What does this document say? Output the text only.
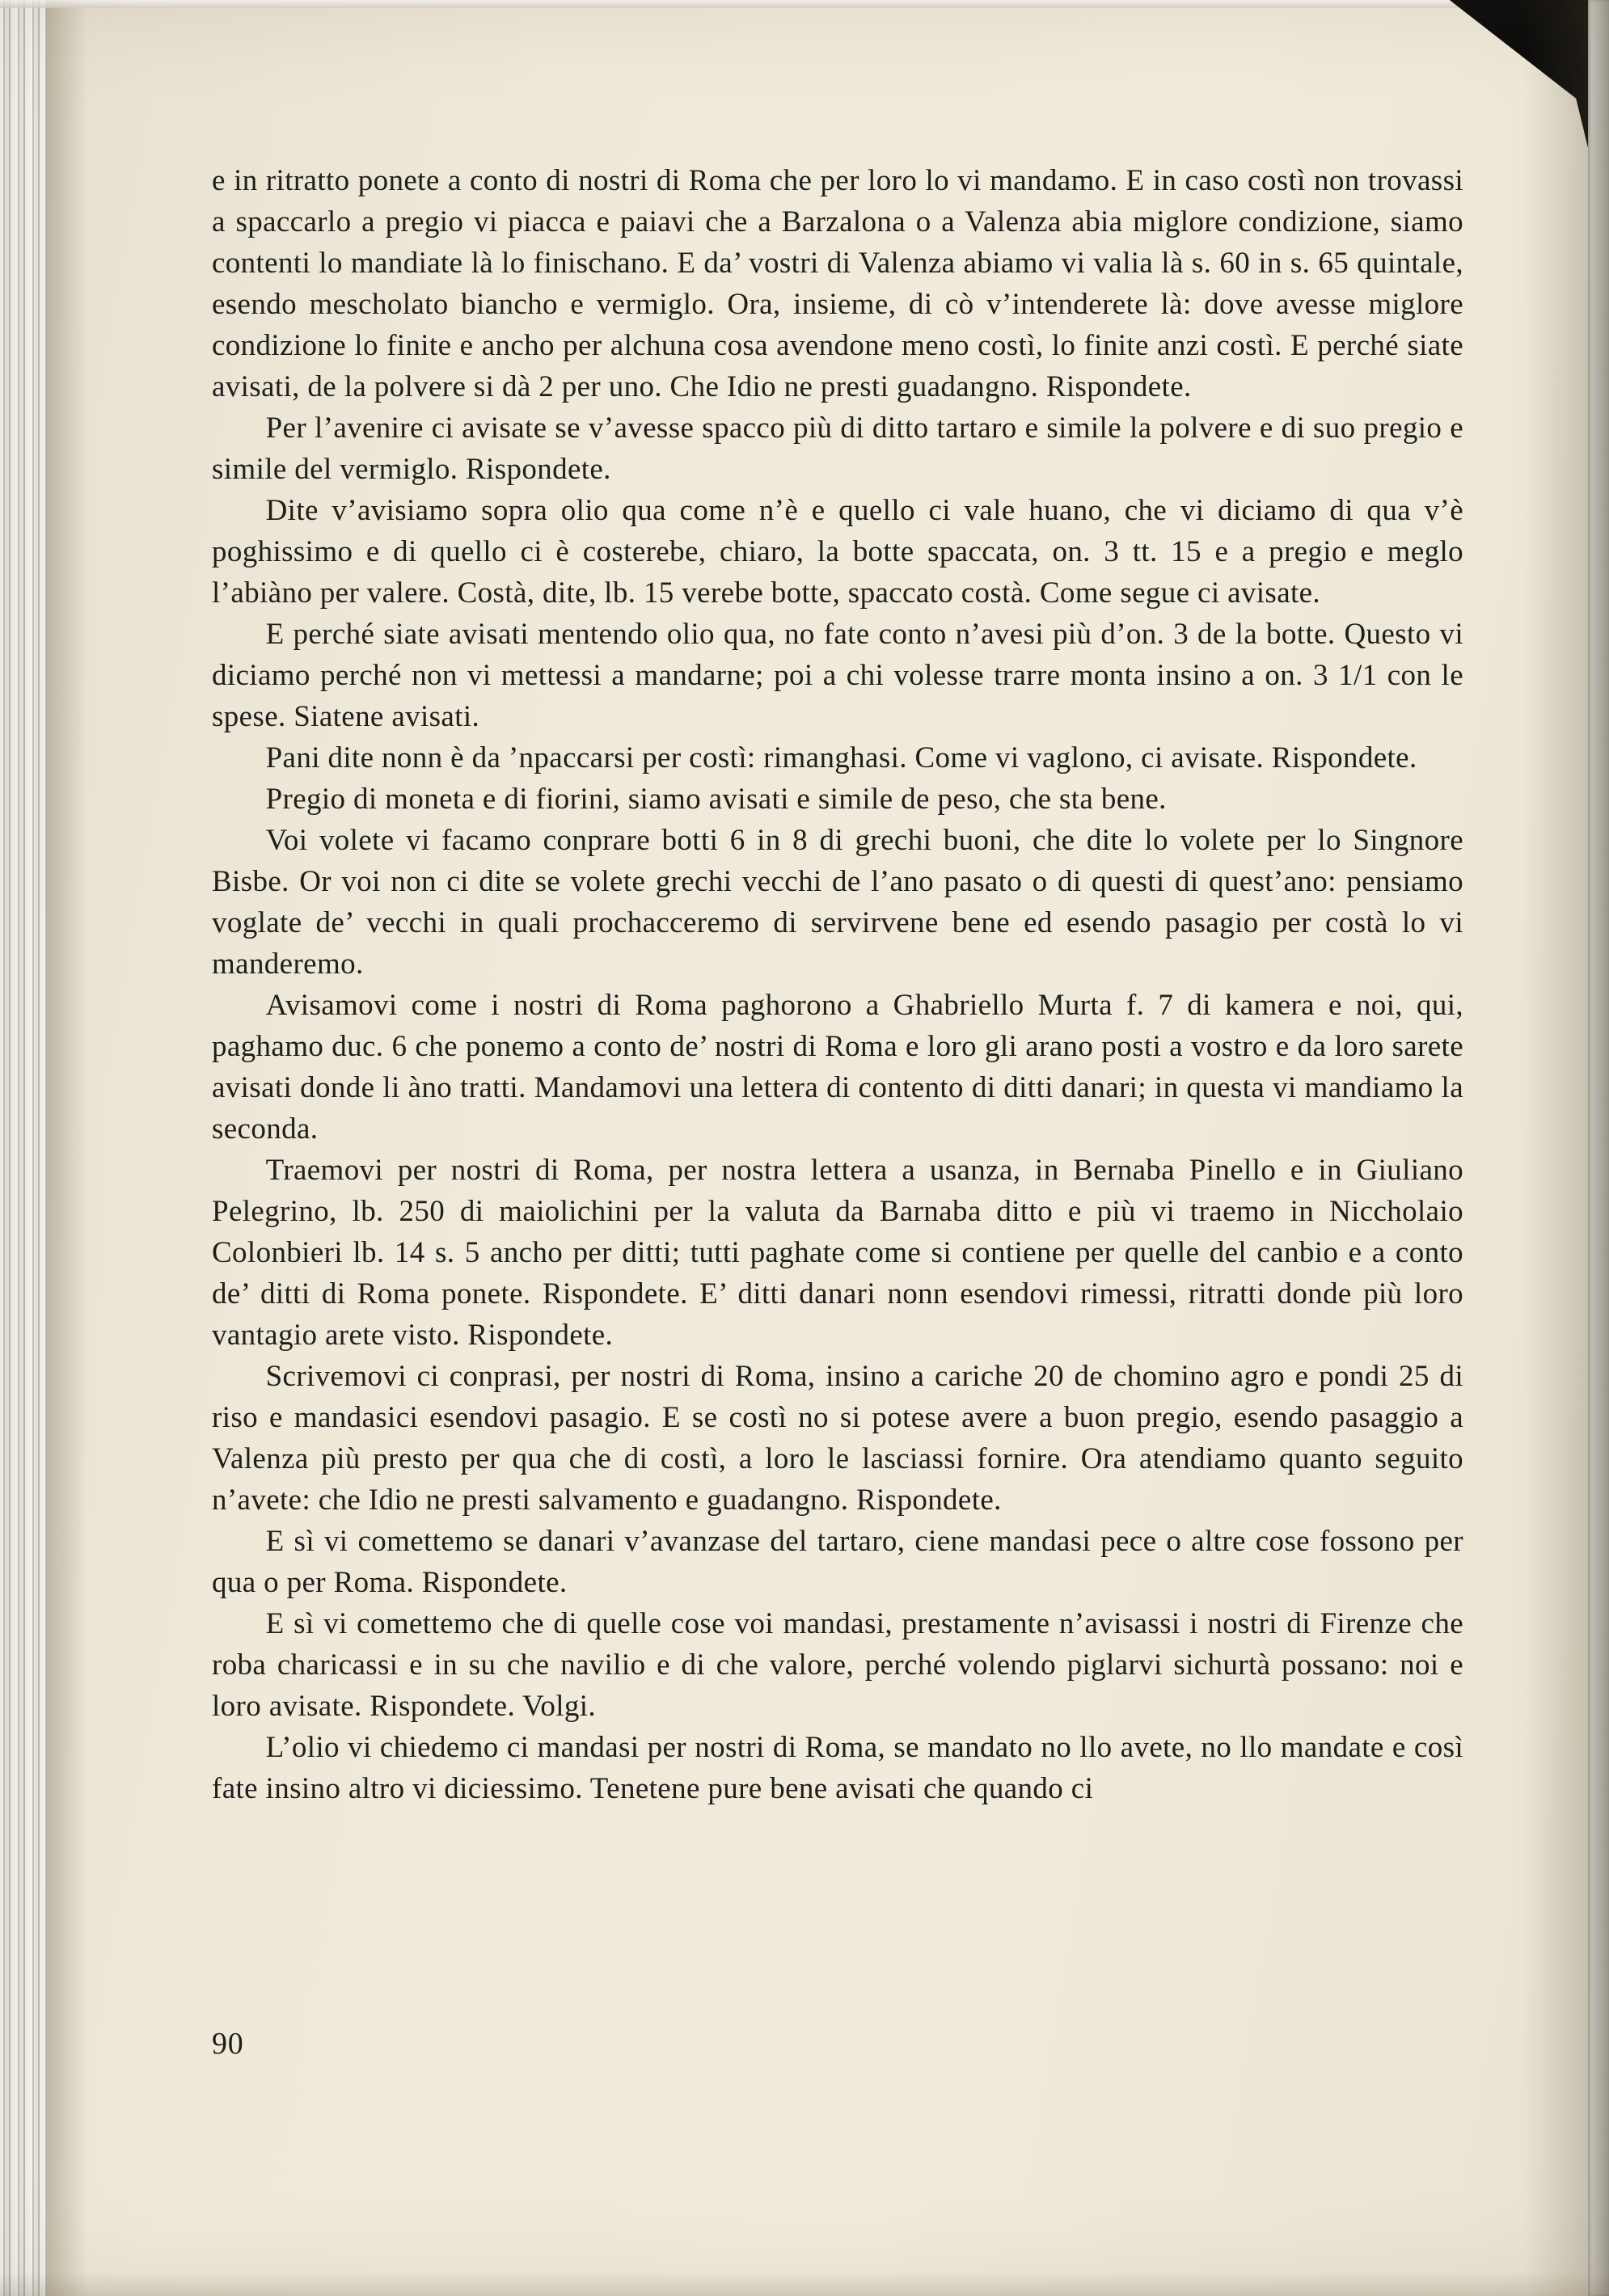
e in ritratto ponete a conto di nostri di Roma che per loro lo vi mandamo. E in caso costì non trovassi a spaccarlo a pregio vi piacca e paiavi che a Barzalona o a Valenza abia miglore condizione, siamo contenti lo mandiate là lo finischano. E da’ vostri di Valenza abiamo vi valia là s. 60 in s. 65 quintale, esendo mescholato biancho e vermiglo. Ora, insieme, di cò v’intenderete là: dove avesse miglore condizione lo finite e ancho per alchuna cosa avendone meno costì, lo finite anzi costì. E perché siate avisati, de la polvere si dà 2 per uno. Che Idio ne presti guadangno. Rispondete.

Per l’avenire ci avisate se v’avesse spacco più di ditto tartaro e simile la polvere e di suo pregio e simile del vermiglo. Rispondete.

Dite v’avisiamo sopra olio qua come n’è e quello ci vale huano, che vi diciamo di qua v’è poghissimo e di quello ci è costerebe, chiaro, la botte spaccata, on. 3 tt. 15 e a pregio e meglo l’abiàno per valere. Costà, dite, lb. 15 verebe botte, spaccato costà. Come segue ci avisate.

E perché siate avisati mentendo olio qua, no fate conto n’avesi più d’on. 3 de la botte. Questo vi diciamo perché non vi mettessi a mandarne; poi a chi volesse trarre monta insino a on. 3 1/1 con le spese. Siatene avisati.

Pani dite nonn è da ’npaccarsi per costì: rimanghasi. Come vi vaglono, ci avisate. Rispondete.

Pregio di moneta e di fiorini, siamo avisati e simile de peso, che sta bene.

Voi volete vi facamo conprare botti 6 in 8 di grechi buoni, che dite lo volete per lo Singnore Bisbe. Or voi non ci dite se volete grechi vecchi de l’ano pasato o di questi di quest’ano: pensiamo voglate de’ vecchi in quali prochacceremo di servirvene bene ed esendo pasagio per costà lo vi manderemo.

Avisamovi come i nostri di Roma paghorono a Ghabriello Murta f. 7 di kamera e noi, qui, paghamo duc. 6 che ponemo a conto de’ nostri di Roma e loro gli arano posti a vostro e da loro sarete avisati donde li àno tratti. Mandamovi una lettera di contento di ditti danari; in questa vi mandiamo la seconda.

Traemovi per nostri di Roma, per nostra lettera a usanza, in Bernaba Pinello e in Giuliano Pelegrino, lb. 250 di maiolichini per la valuta da Barnaba ditto e più vi traemo in Niccholaio Colonbieri lb. 14 s. 5 ancho per ditti; tutti paghate come si contiene per quelle del canbio e a conto de’ ditti di Roma ponete. Rispondete. E’ ditti danari nonn esendovi rimessi, ritratti donde più loro vantagio arete visto. Rispondete.

Scrivemovi ci conprasi, per nostri di Roma, insino a cariche 20 de chomino agro e pondi 25 di riso e mandasici esendovi pasagio. E se costì no si potese avere a buon pregio, esendo pasaggio a Valenza più presto per qua che di costì, a loro le lasciassi fornire. Ora atendiamo quanto seguito n’avete: che Idio ne presti salvamento e guadangno. Rispondete.

E sì vi comettemo se danari v’avanzase del tartaro, ciene mandasi pece o altre cose fossono per qua o per Roma. Rispondete.

E sì vi comettemo che di quelle cose voi mandasi, prestamente n’avisassi i nostri di Firenze che roba charicassi e in su che navilio e di che valore, perché volendo piglarvi sichurtà possano: noi e loro avisate. Rispondete. Volgi.

L’olio vi chiedemo ci mandasi per nostri di Roma, se mandato no llo avete, no llo mandate e così fate insino altro vi diciessimo. Tenetene pure bene avisati che quando ci

90
